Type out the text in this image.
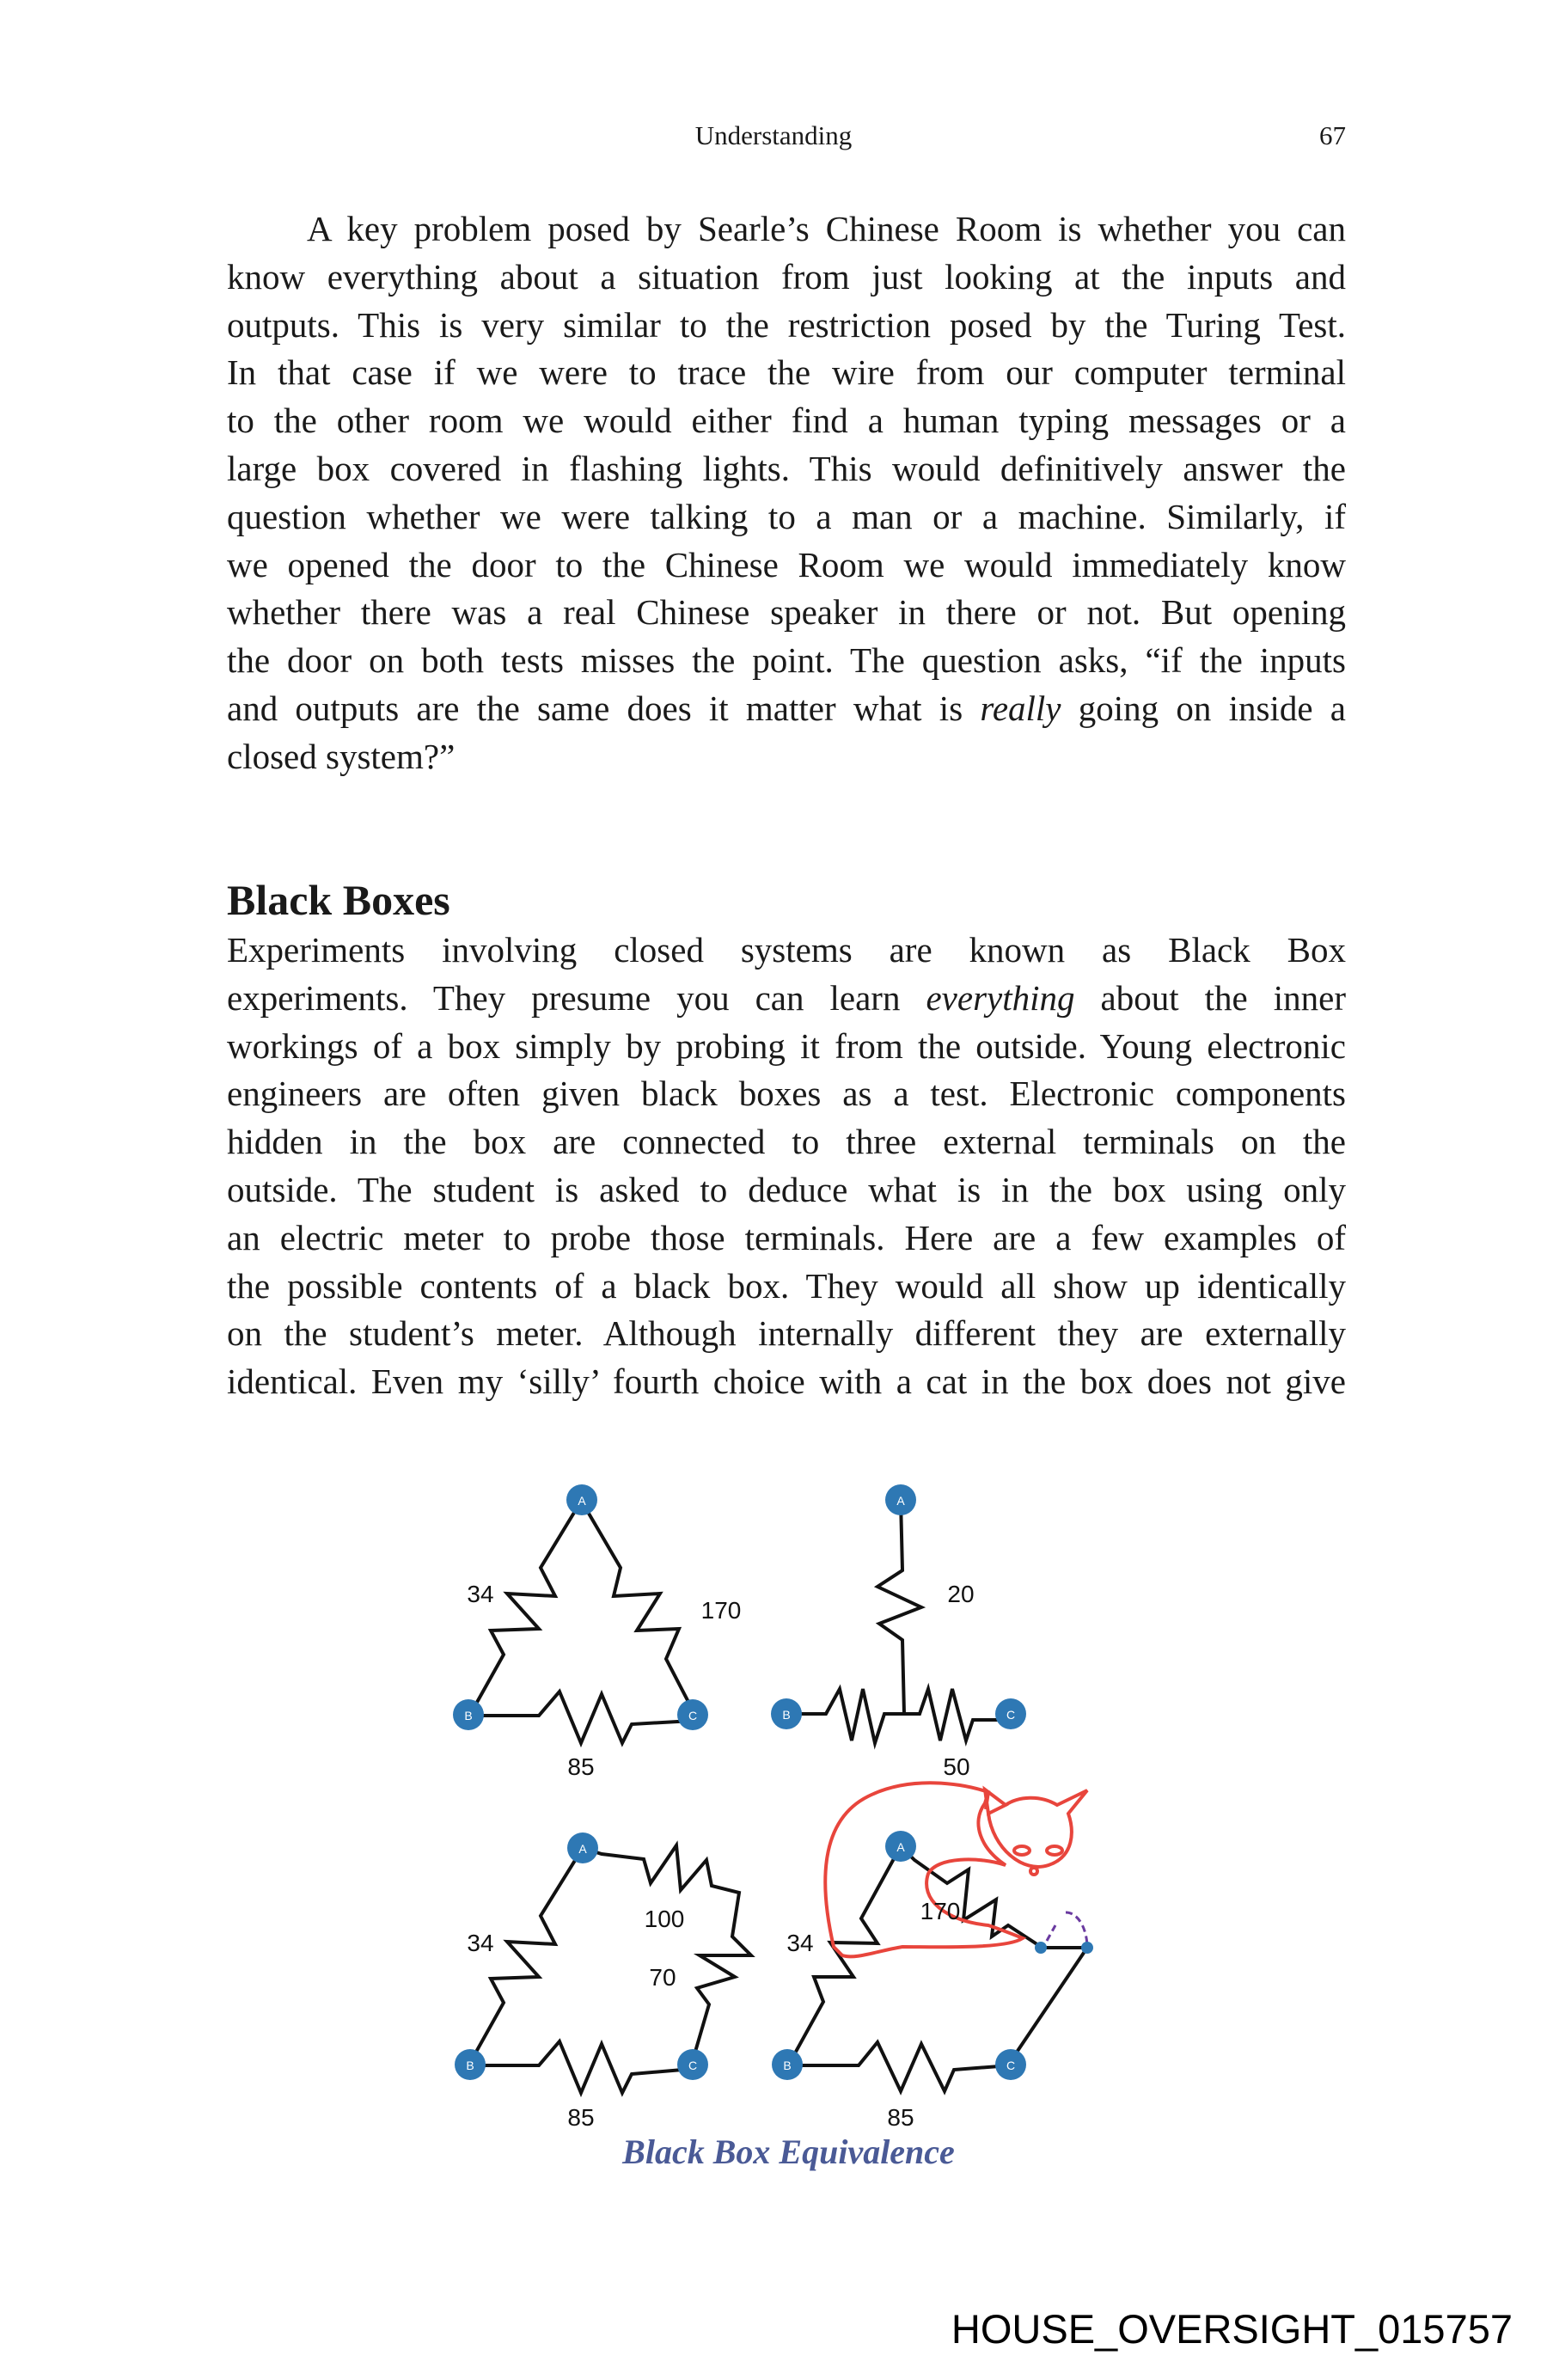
Understanding	67
A key problem posed by Searle’s Chinese Room is whether you can
know everything about a situation from just looking at the inputs and
outputs. This is very similar to the restriction posed by the Turing Test.
In that case if we were to trace the wire from our computer terminal
to the other room we would either find a human typing messages or a
large box covered in flashing lights. This would definitively answer the
question whether we were talking to a man or a machine. Similarly, if
we opened the door to the Chinese Room we would immediately know
whether there was a real Chinese speaker in there or not. But opening
the door on both tests misses the point. The question asks, “if the inputs
and outputs are the same does it matter what is really going on inside a
closed system?”
Black Boxes
Experiments involving closed systems are known as Black Box
experiments. They presume you can learn everything about the inner
workings of a box simply by probing it from the outside. Young electronic
engineers are often given black boxes as a test. Electronic components
hidden in the box are connected to three external terminals on the
outside. The student is asked to deduce what is in the box using only
an electric meter to probe those terminals. Here are a few examples of
the possible contents of a black box. They would all show up identically
on the student’s meter. Although internally different they are externally
identical. Even my ‘silly’ fourth choice with a cat in the box does not give
A
B	C
A
B	C
A
B	C
A
B	C
34
170
85
20
50
34
100
70
85
34
170
85
Black Box Equivalence
HOUSE_OVERSIGHT_015757
